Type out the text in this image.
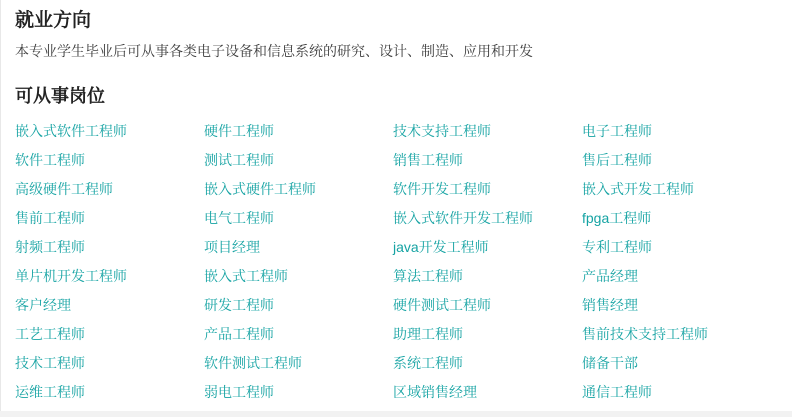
就业方向

本专业学生毕业后可从事各类电子设备和信息系统的研究、设计、制造、应用和开发

可从事岗位
嵌入式软件工程师	硬件工程师	技术支持工程师	电子工程师
软件工程师	测试工程师	销售工程师	售后工程师
高级硬件工程师	嵌入式硬件工程师	软件开发工程师	嵌入式开发工程师
售前工程师	电气工程师	嵌入式软件开发工程师	fpga工程师
射频工程师	项目经理	java开发工程师	专利工程师
单片机开发工程师	嵌入式工程师	算法工程师	产品经理
客户经理	研发工程师	硬件测试工程师	销售经理
工艺工程师	产品工程师	助理工程师	售前技术支持工程师
技术工程师	软件测试工程师	系统工程师	储备干部
运维工程师	弱电工程师	区域销售经理	通信工程师
